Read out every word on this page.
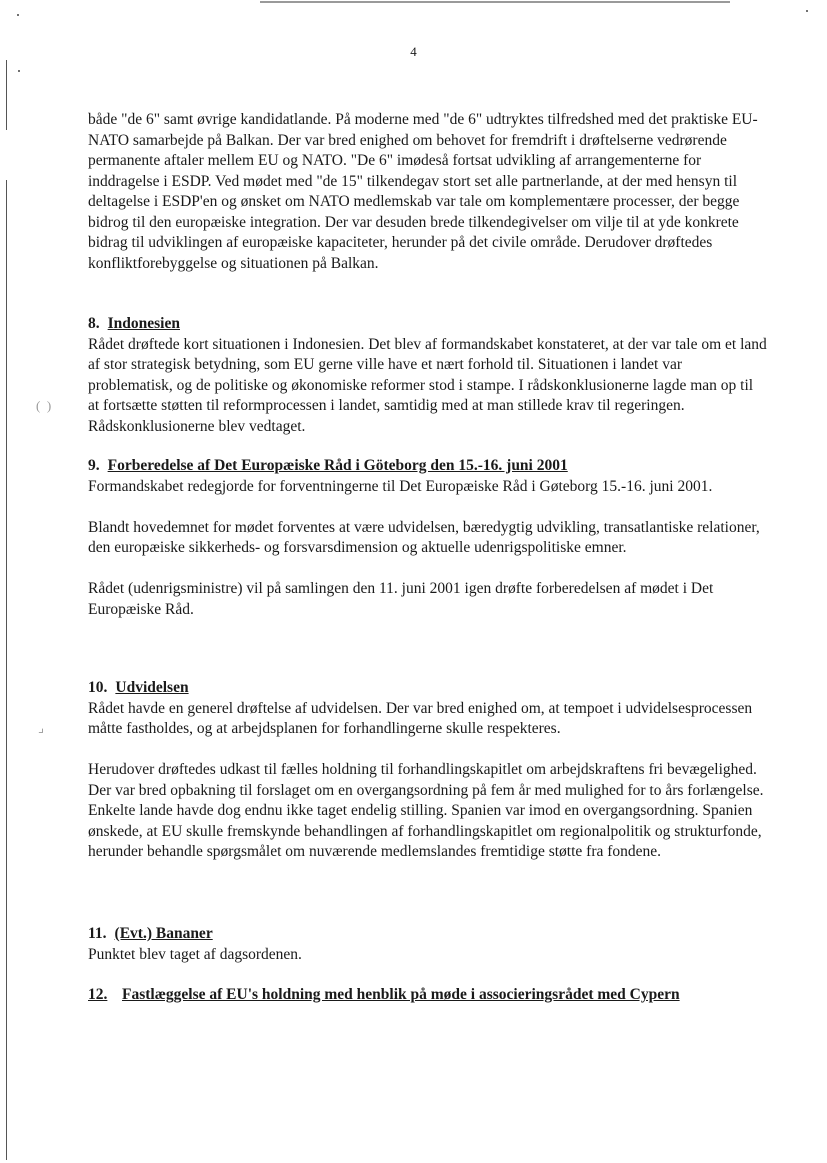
4
(  )
⌟

både "de 6" samt øvrige kandidatlande. På moderne med "de 6" udtryktes tilfredshed med det praktiske EU-NATO samarbejde på Balkan. Der var bred enighed om behovet for fremdrift i drøftelserne vedrørende permanente aftaler mellem EU og NATO. "De 6" imødeså fortsat udvikling af arrangementerne for inddragelse i ESDP. Ved mødet med "de 15" tilkendegav stort set alle partnerlande, at der med hensyn til deltagelse i ESDP'en og ønsket om NATO medlemskab var tale om komplementære processer, der begge bidrog til den europæiske integration. Der var desuden brede tilkendegivelser om vilje til at yde konkrete bidrag til udviklingen af europæiske kapaciteter, herunder på det civile område. Derudover drøftedes konfliktforebyggelse og situationen på Balkan.

8. Indonesien

Rådet drøftede kort situationen i Indonesien. Det blev af formandskabet konstateret, at der var tale om et land af stor strategisk betydning, som EU gerne ville have et nært forhold til. Situationen i landet var problematisk, og de politiske og økonomiske reformer stod i stampe. I rådskonklusionerne lagde man op til at fortsætte støtten til reformprocessen i landet, samtidig med at man stillede krav til regeringen. Rådskonklusionerne blev vedtaget.

9. Forberedelse af Det Europæiske Råd i Göteborg den 15.-16. juni 2001

Formandskabet redegjorde for forventningerne til Det Europæiske Råd i Gøteborg 15.-16. juni 2001.

Blandt hovedemnet for mødet forventes at være udvidelsen, bæredygtig udvikling, transatlantiske relationer, den europæiske sikkerheds- og forsvarsdimension og aktuelle udenrigspolitiske emner.

Rådet (udenrigsministre) vil på samlingen den 11. juni 2001 igen drøfte forberedelsen af mødet i Det Europæiske Råd.

10. Udvidelsen

Rådet havde en generel drøftelse af udvidelsen. Der var bred enighed om, at tempoet i udvidelsesprocessen måtte fastholdes, og at arbejdsplanen for forhandlingerne skulle respekteres.

Herudover drøftedes udkast til fælles holdning til forhandlingskapitlet om arbejdskraftens fri bevægelighed. Der var bred opbakning til forslaget om en overgangsordning på fem år med mulighed for to års forlængelse. Enkelte lande havde dog endnu ikke taget endelig stilling. Spanien var imod en overgangsordning. Spanien ønskede, at EU skulle fremskynde behandlingen af forhandlingskapitlet om regionalpolitik og strukturfonde, herunder behandle spørgsmålet om nuværende medlemslandes fremtidige støtte fra fondene.

11. (Evt.) Bananer

Punktet blev taget af dagsordenen.

12. Fastlæggelse af EU's holdning med henblik på møde i associeringsrådet med Cypern
